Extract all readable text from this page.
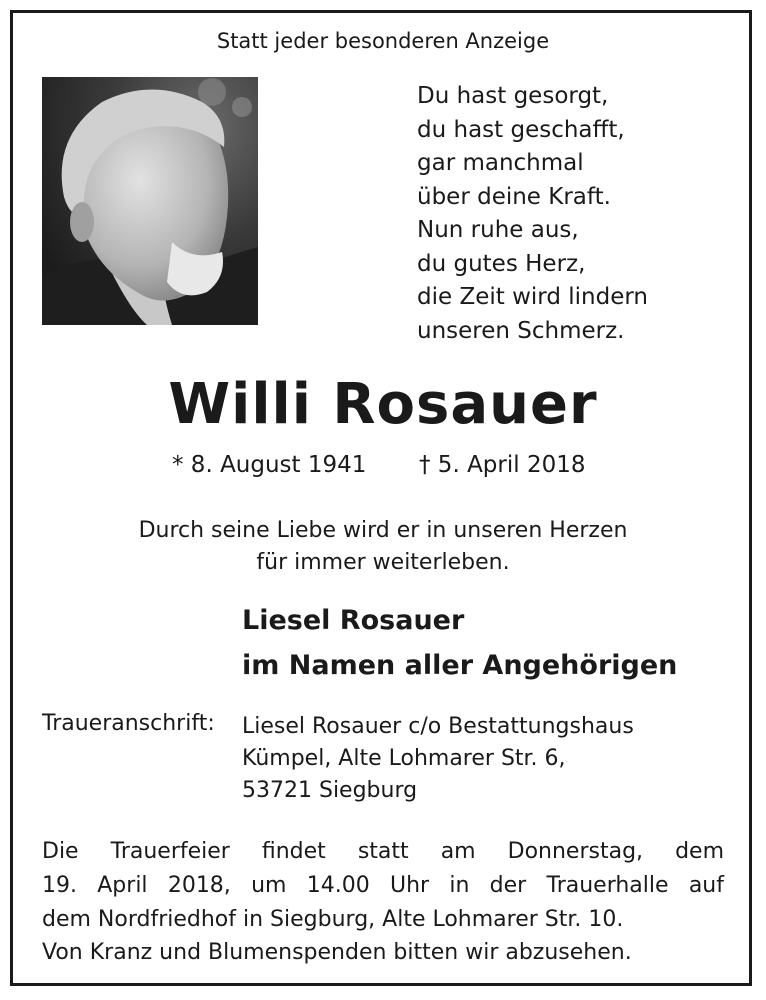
Statt jeder besonderen Anzeige
Du hast gesorgt,
du hast geschafft,
gar manchmal
über deine Kraft.
Nun ruhe aus,
du gutes Herz,
die Zeit wird lindern
unseren Schmerz.
Willi Rosauer
* 8. August 1941 † 5. April 2018
Durch seine Liebe wird er in unseren Herzen
für immer weiterleben.
Liesel Rosauer
im Namen aller Angehörigen
Traueranschrift: Liesel Rosauer c/o Bestattungshaus
Kümpel, Alte Lohmarer Str. 6,
53721 Siegburg
Die Trauerfeier findet statt am Donnerstag, dem
19. April 2018, um 14.00 Uhr in der Trauerhalle auf
dem Nordfriedhof in Siegburg, Alte Lohmarer Str. 10.
Von Kranz und Blumenspenden bitten wir abzusehen.
